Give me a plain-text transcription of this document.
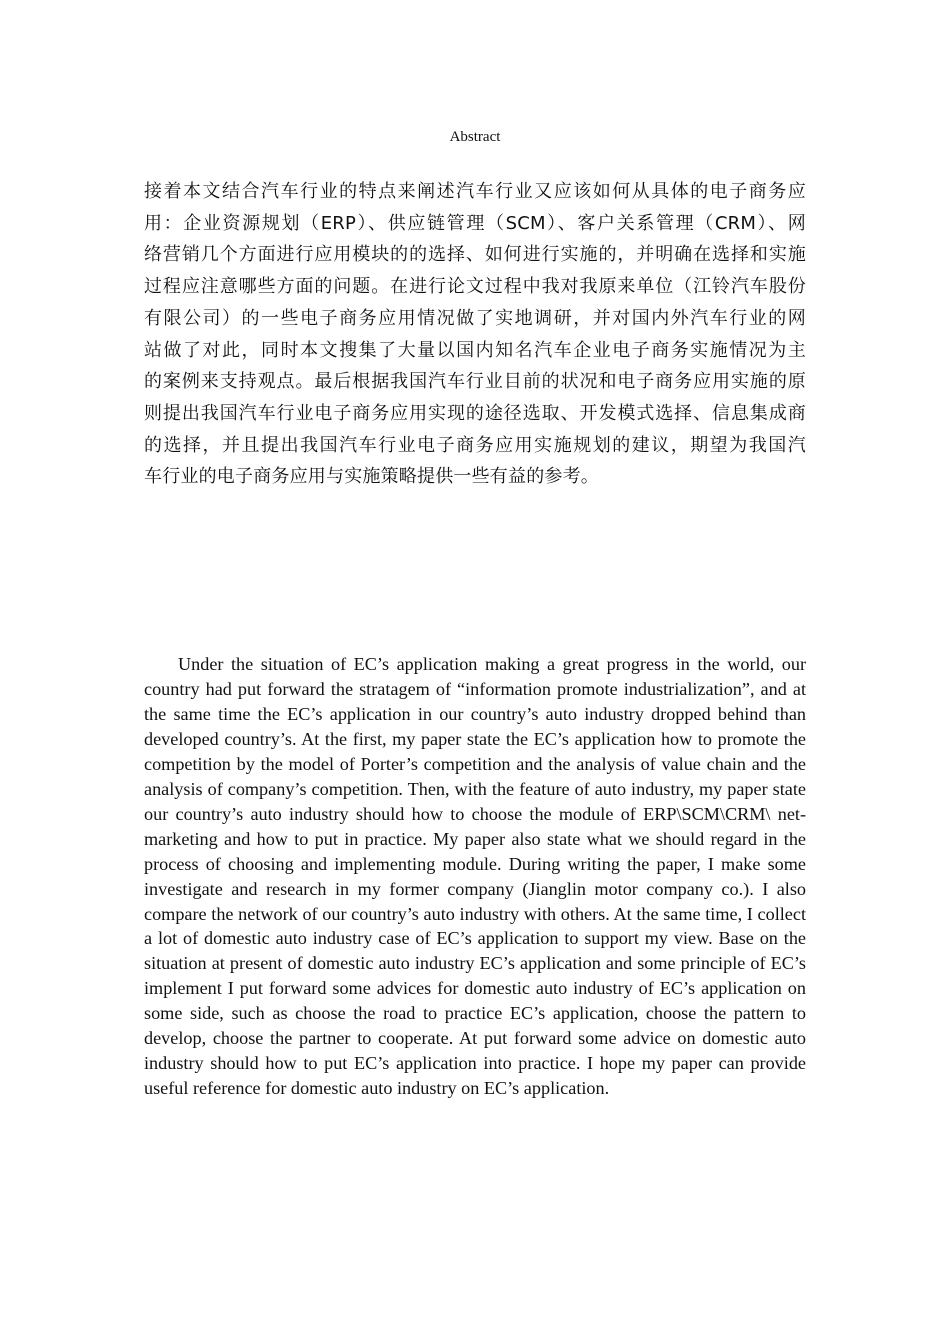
Abstract
接着本文结合汽车行业的特点来阐述汽车行业又应该如何从具体的电子商务应
用：企业资源规划（ERP）、供应链管理（SCM）、客户关系管理（CRM）、网
络营销几个方面进行应用模块的的选择、如何进行实施的，并明确在选择和实施
过程应注意哪些方面的问题。在进行论文过程中我对我原来单位（江铃汽车股份
有限公司）的一些电子商务应用情况做了实地调研，并对国内外汽车行业的网
站做了对此，同时本文搜集了大量以国内知名汽车企业电子商务实施情况为主
的案例来支持观点。最后根据我国汽车行业目前的状况和电子商务应用实施的原
则提出我国汽车行业电子商务应用实现的途径选取、开发模式选择、信息集成商
的选择，并且提出我国汽车行业电子商务应用实施规划的建议，期望为我国汽
车行业的电子商务应用与实施策略提供一些有益的参考。

Under the situation of EC’s application making a great progress in the world, our country had put forward the stratagem of “information promote industrialization”, and at the same time the EC’s application in our country’s auto industry dropped behind than developed country’s. At the first, my paper state the EC’s application how to promote the competition by the model of Porter’s competition and the analysis of value chain and the analysis of company’s competition. Then, with the feature of auto industry, my paper state our country’s auto industry should how to choose the module of ERP\SCM\CRM\ net-marketing and how to put in practice. My paper also state what we should regard in the process of choosing and implementing module. During writing the paper, I make some investigate and research in my former company (Jianglin motor company co.). I also compare the network of our country’s auto industry with others. At the same time, I collect a lot of domestic auto industry case of EC’s application to support my view. Base on the situation at present of domestic auto industry EC’s application and some principle of EC’s implement I put forward some advices for domestic auto industry of EC’s application on some side, such as choose the road to practice EC’s application, choose the pattern to develop, choose the partner to cooperate. At put forward some advice on domestic auto industry should how to put EC’s application into practice. I hope my paper can provide useful reference for domestic auto industry on EC’s application.
